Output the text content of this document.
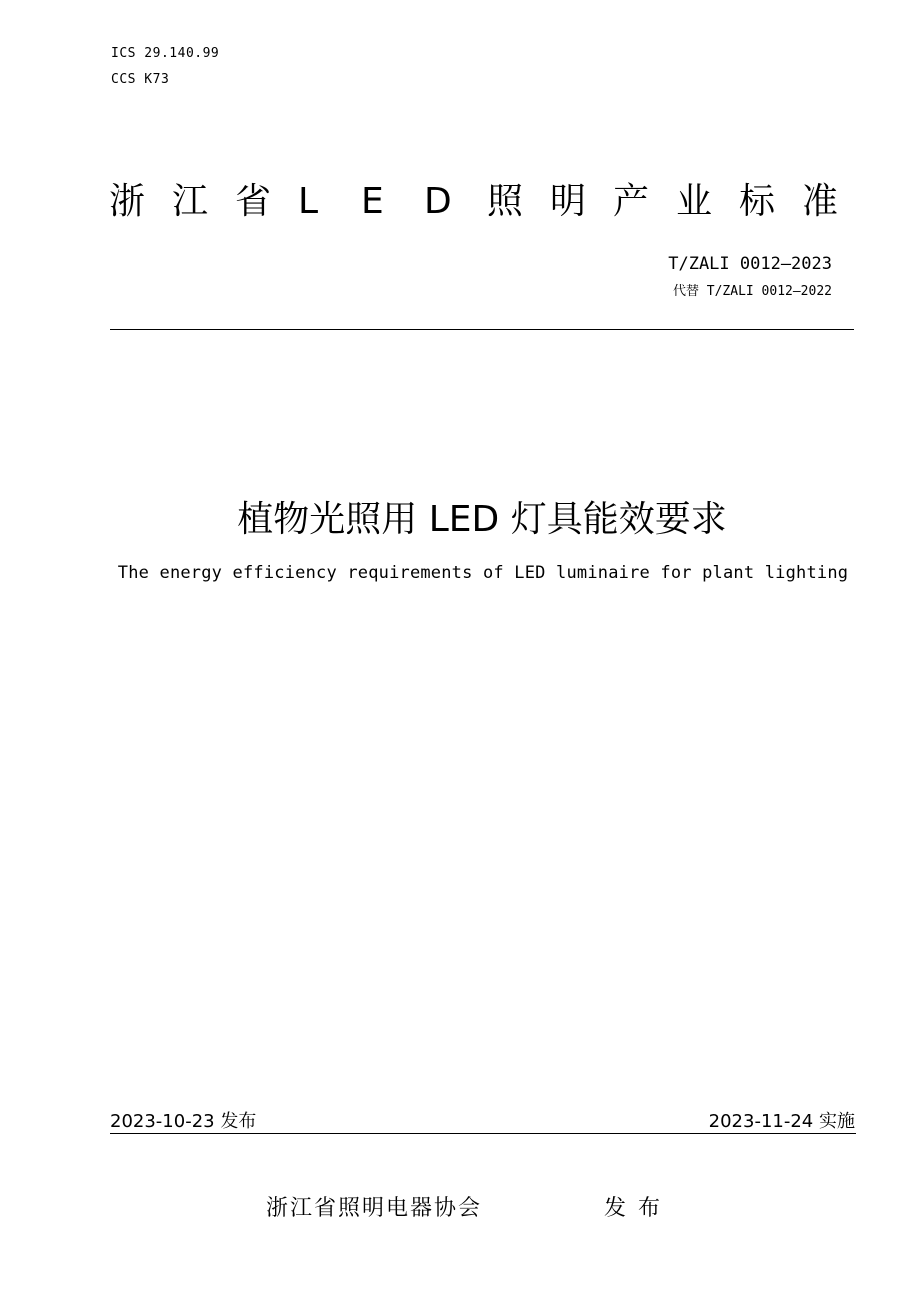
ICS 29.140.99
CCS K73
浙 江 省 L E D 照 明 产 业 标 准
T/ZALI 0012—2023
代替 T/ZALI 0012—2022
植物光照用 LED 灯具能效要求
The energy efficiency requirements of LED luminaire for plant lighting
2023-10-23 发布	2023-11-24 实施
浙江省照明电器协会	发布
